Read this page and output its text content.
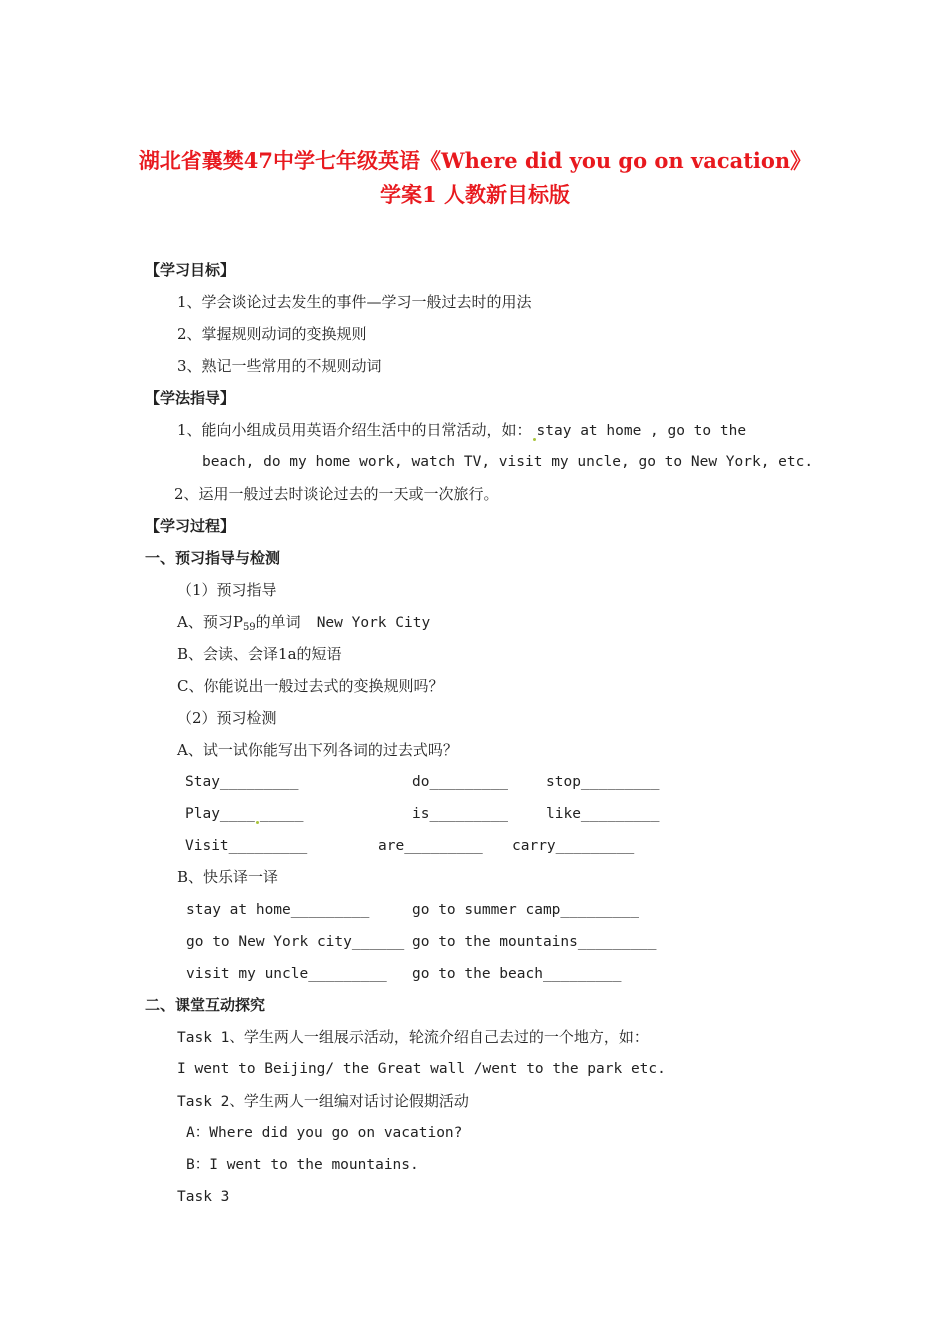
湖北省襄樊47中学七年级英语《Where did you go on vacation》
学案1 人教新目标版
【学习目标】
1、学会谈论过去发生的事件—学习一般过去时的用法
2、掌握规则动词的变换规则
3、熟记一些常用的不规则动词
【学法指导】
1、能向小组成员用英语介绍生活中的日常活动，如： stay at home , go to the
beach, do my home work, watch TV, visit my uncle, go to New York, etc.
2、运用一般过去时谈论过去的一天或一次旅行。
【学习过程】
一、预习指导与检测
（1）预习指导
A、预习$P_{59}$的单词 New York City
B、会读、会译1a的短语
C、你能说出一般过去式的变换规则吗？
（2）预习检测
A、试一试你能写出下列各词的过去式吗？
Stay_________	do_________	stop_________
Play____ _____	is_________	like_________
Visit_________	are_________ carry_________
B、快乐译一译
stay at home_________	go to summer camp_________
go to New York city______ go to the mountains_________
visit my uncle_________ go to the beach_________
二、课堂互动探究
Task 1、学生两人一组展示活动，轮流介绍自己去过的一个地方，如：
I went to Beijing/ the Great wall /went to the park etc.
Task 2、学生两人一组编对话讨论假期活动
A：Where did you go on vacation?
B：I went to the mountains.
Task 3
